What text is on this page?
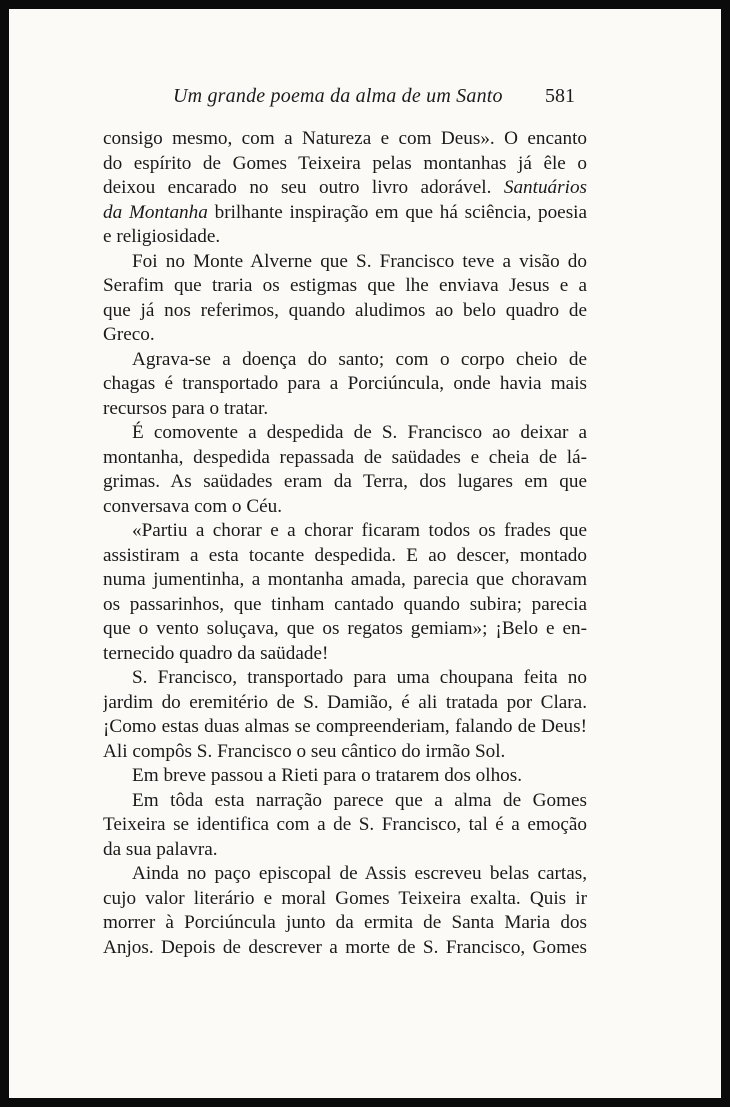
Um grande poema da alma de um Santo 581
consigo mesmo, com a Natureza e com Deus». O encanto
do espírito de Gomes Teixeira pelas montanhas já êle o
deixou encarado no seu outro livro adorável. Santuários
da Montanha brilhante inspiração em que há sciência, poesia
e religiosidade.
Foi no Monte Alverne que S. Francisco teve a visão do
Serafim que traria os estigmas que lhe enviava Jesus e a
que já nos referimos, quando aludimos ao belo quadro de
Greco.
Agrava-se a doença do santo; com o corpo cheio de
chagas é transportado para a Porciúncula, onde havia mais
recursos para o tratar.
É comovente a despedida de S. Francisco ao deixar a
montanha, despedida repassada de saüdades e cheia de lá-
grimas. As saüdades eram da Terra, dos lugares em que
conversava com o Céu.
«Partiu a chorar e a chorar ficaram todos os frades que
assistiram a esta tocante despedida. E ao descer, montado
numa jumentinha, a montanha amada, parecia que choravam
os passarinhos, que tinham cantado quando subira; parecia
que o vento soluçava, que os regatos gemiam»; ¡Belo e en-
ternecido quadro da saüdade!
S. Francisco, transportado para uma choupana feita no
jardim do eremitério de S. Damião, é ali tratada por Clara.
¡Como estas duas almas se compreenderiam, falando de Deus!
Ali compôs S. Francisco o seu cântico do irmão Sol.
Em breve passou a Rieti para o tratarem dos olhos.
Em tôda esta narração parece que a alma de Gomes
Teixeira se identifica com a de S. Francisco, tal é a emoção
da sua palavra.
Ainda no paço episcopal de Assis escreveu belas cartas,
cujo valor literário e moral Gomes Teixeira exalta. Quis ir
morrer à Porciúncula junto da ermita de Santa Maria dos
Anjos. Depois de descrever a morte de S. Francisco, Gomes
